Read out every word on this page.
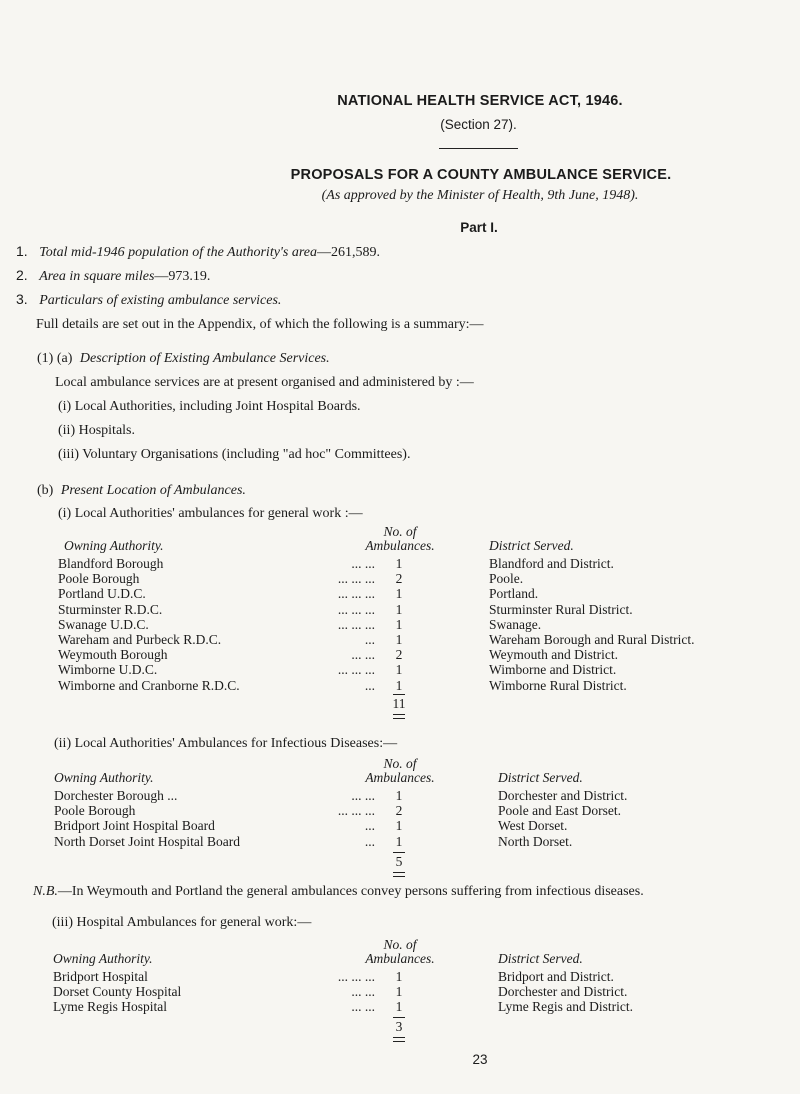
NATIONAL HEALTH SERVICE ACT, 1946.
(Section 27).
PROPOSALS FOR A COUNTY AMBULANCE SERVICE.
(As approved by the Minister of Health, 9th June, 1948).
Part I.
1. Total mid-1946 population of the Authority's area—261,589.
2. Area in square miles—973.19.
3. Particulars of existing ambulance services.
Full details are set out in the Appendix, of which the following is a summary:—
(1) (a) Description of Existing Ambulance Services.
Local ambulance services are at present organised and administered by :—
(i) Local Authorities, including Joint Hospital Boards.
(ii) Hospitals.
(iii) Voluntary Organisations (including "ad hoc" Committees).
(b) Present Location of Ambulances.
(i) Local Authorities' ambulances for general work :—
No. of
Owning Authority.	Ambulances.	District Served.
Blandford Borough	... ...	1	Blandford and District.
Poole Borough	... ... ...	2	Poole.
Portland U.D.C.	... ... ...	1	Portland.
Sturminster R.D.C.	... ... ...	1	Sturminster Rural District.
Swanage U.D.C.	... ... ...	1	Swanage.
Wareham and Purbeck R.D.C.	...	1	Wareham Borough and Rural District.
Weymouth Borough	... ...	2	Weymouth and District.
Wimborne U.D.C.	... ... ...	1	Wimborne and District.
Wimborne and Cranborne R.D.C.	...	1	Wimborne Rural District.
11
(ii) Local Authorities' Ambulances for Infectious Diseases:—
No. of
Owning Authority.	Ambulances.	District Served.
Dorchester Borough ...	... ...	1	Dorchester and District.
Poole Borough	... ... ...	2	Poole and East Dorset.
Bridport Joint Hospital Board	...	1	West Dorset.
North Dorset Joint Hospital Board	...	1	North Dorset.
5
N.B.—In Weymouth and Portland the general ambulances convey persons suffering from infectious diseases.
(iii) Hospital Ambulances for general work:—
No. of
Owning Authority.	Ambulances.	District Served.
Bridport Hospital	... ... ...	1	Bridport and District.
Dorset County Hospital	... ...	1	Dorchester and District.
Lyme Regis Hospital	... ...	1	Lyme Regis and District.
3
23
